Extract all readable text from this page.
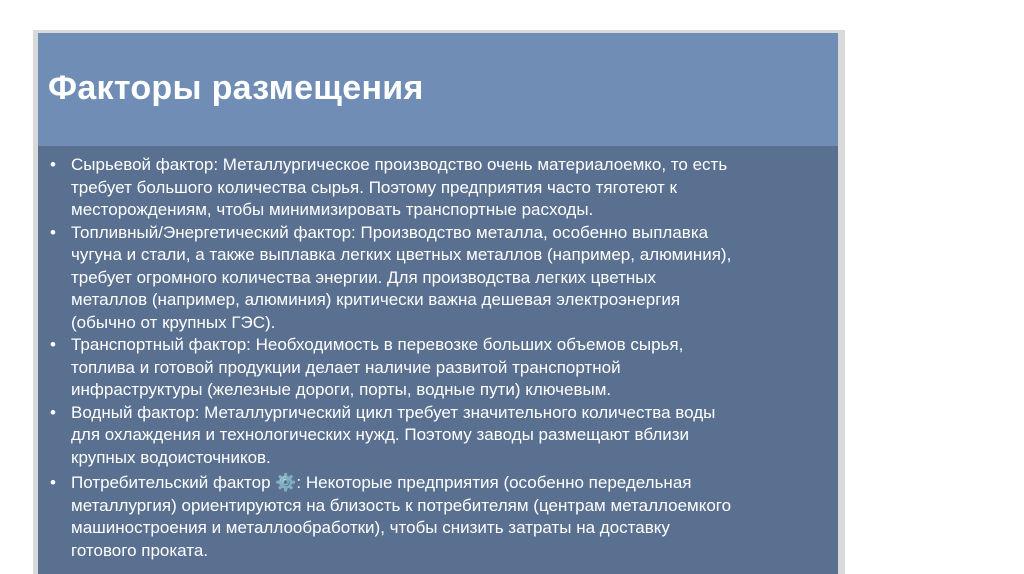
Факторы размещения
• Сырьевой фактор: Металлургическое производство очень материалоемко, то есть
требует большого количества сырья. Поэтому предприятия часто тяготеют к
месторождениям, чтобы минимизировать транспортные расходы.
• Топливный/Энергетический фактор: Производство металла, особенно выплавка
чугуна и стали, а также выплавка легких цветных металлов (например, алюминия),
требует огромного количества энергии. Для производства легких цветных
металлов (например, алюминия) критически важна дешевая электроэнергия
(обычно от крупных ГЭС).
• Транспортный фактор: Необходимость в перевозке больших объемов сырья,
топлива и готовой продукции делает наличие развитой транспортной
инфраструктуры (железные дороги, порты, водные пути) ключевым.
• Водный фактор: Металлургический цикл требует значительного количества воды
для охлаждения и технологических нужд. Поэтому заводы размещают вблизи
крупных водоисточников.
• Потребительский фактор ⚙️: Некоторые предприятия (особенно передельная
металлургия) ориентируются на близость к потребителям (центрам металлоемкого
машиностроения и металлообработки), чтобы снизить затраты на доставку
готового проката.
